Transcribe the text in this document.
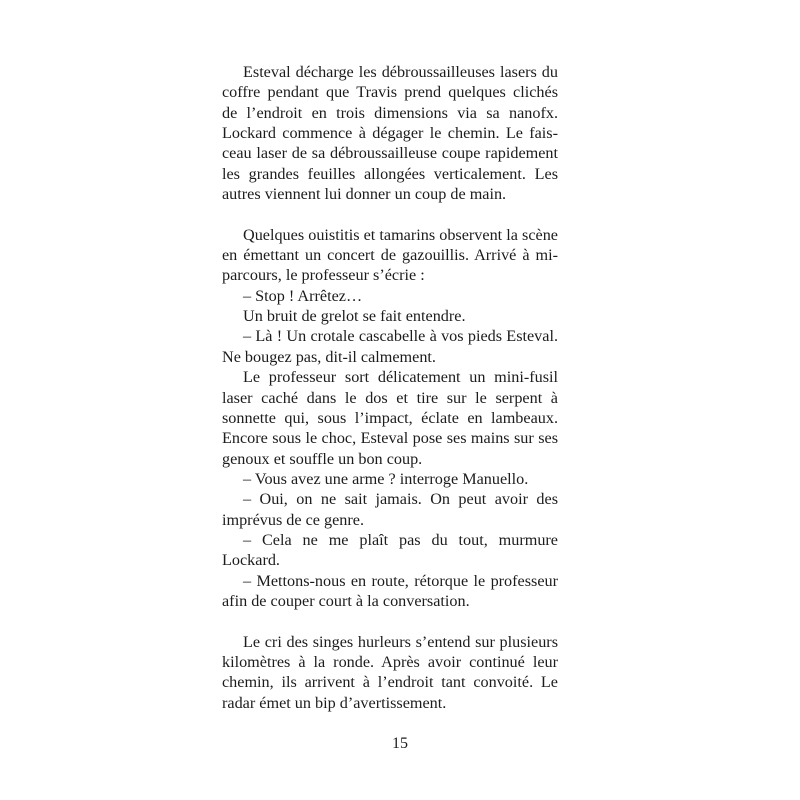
Esteval décharge les débroussailleuses lasers du coffre pendant que Travis prend quelques clichés de l’endroit en trois dimensions via sa nanofx. Lockard commence à dégager le chemin. Le faisceau laser de sa débroussailleuse coupe rapidement les grandes feuilles allongées verticalement. Les autres viennent lui donner un coup de main.

Quelques ouistitis et tamarins observent la scène en émettant un concert de gazouillis. Arrivé à mi-parcours, le professeur s’écrie :

– Stop ! Arrêtez…

Un bruit de grelot se fait entendre.

– Là ! Un crotale cascabelle à vos pieds Esteval. Ne bougez pas, dit-il calmement.

Le professeur sort délicatement un mini-fusil laser caché dans le dos et tire sur le serpent à sonnette qui, sous l’impact, éclate en lambeaux. Encore sous le choc, Esteval pose ses mains sur ses genoux et souffle un bon coup.

– Vous avez une arme ? interroge Manuello.

– Oui, on ne sait jamais. On peut avoir des imprévus de ce genre.

– Cela ne me plaît pas du tout, murmure Lockard.

– Mettons-nous en route, rétorque le professeur afin de couper court à la conversation.

Le cri des singes hurleurs s’entend sur plusieurs kilomètres à la ronde. Après avoir continué leur chemin, ils arrivent à l’endroit tant convoité. Le radar émet un bip d’avertissement.

15
